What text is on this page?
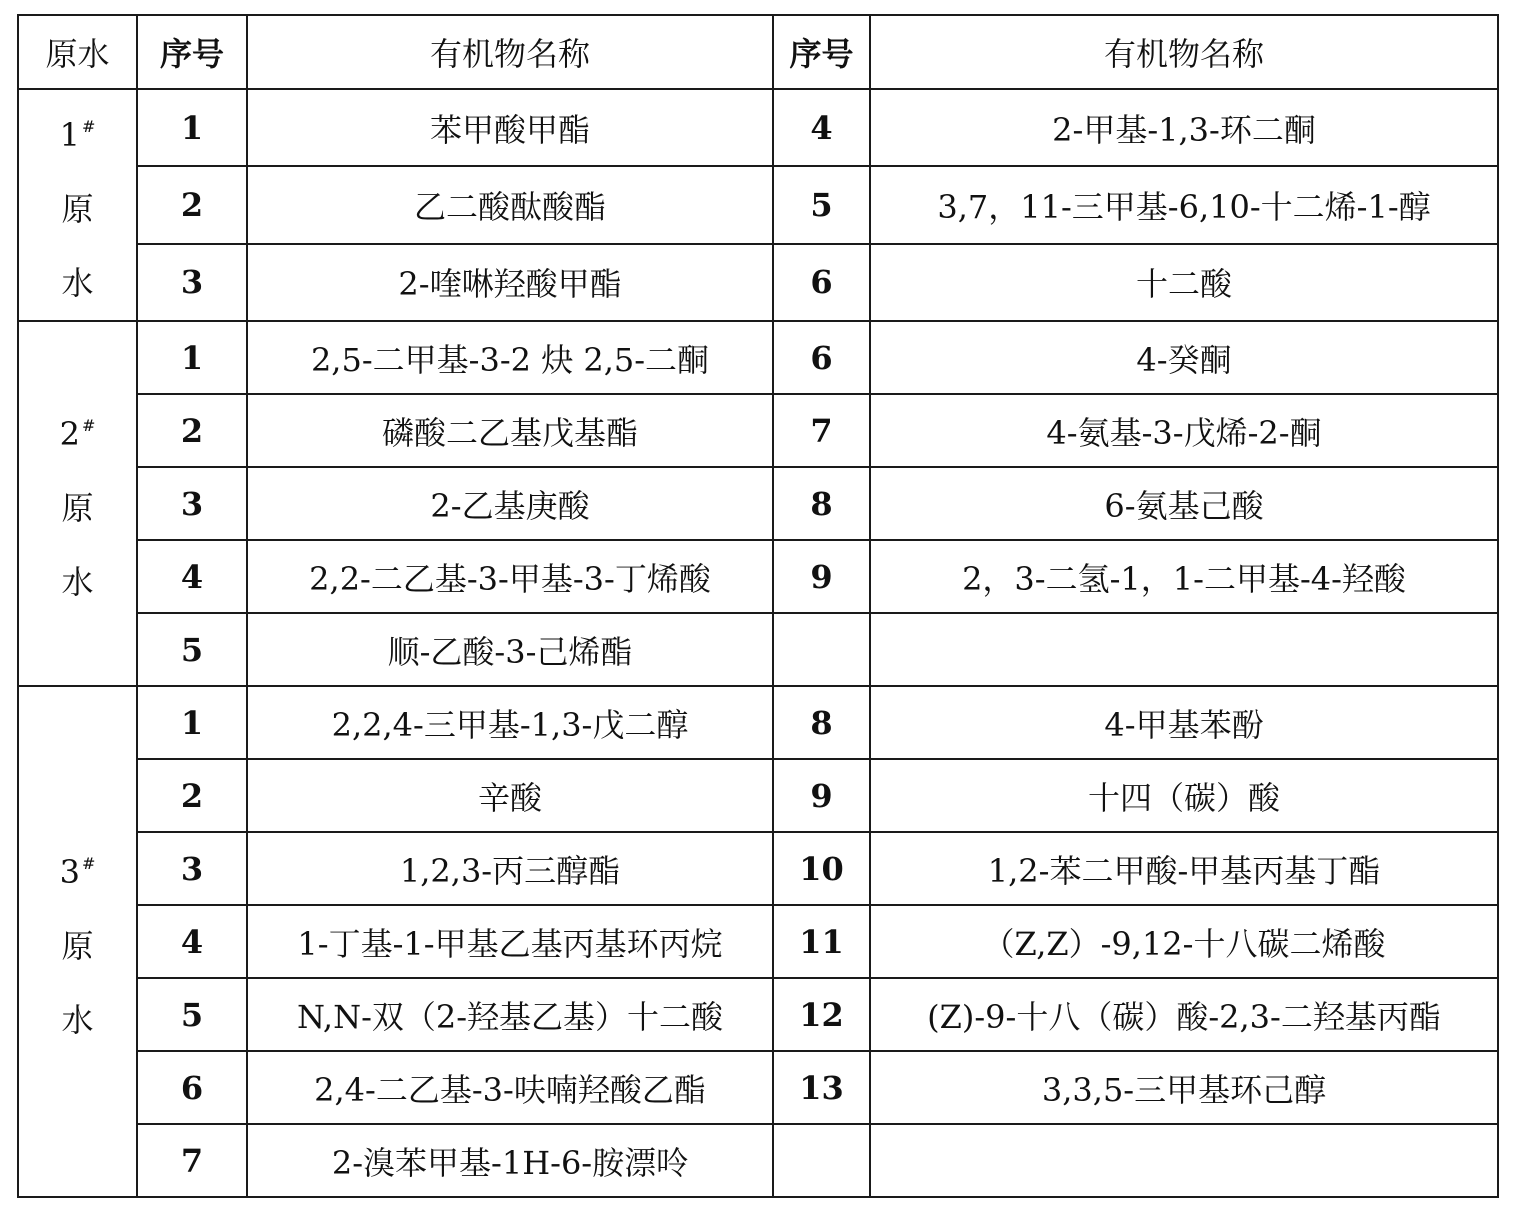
原水	序号	有机物名称	序号	有机物名称

1 #
原
水	1	苯甲酸甲酯	4	2-甲基-1,3-环二酮
	2	乙二酸酞酸酯	5	3,7，11-三甲基-6,10-十二烯-1-醇
	3	2-喹啉羟酸甲酯	6	十二酸

2 #
原
水	1	2,5-二甲基-3-2 炔 2,5-二酮	6	4-癸酮
	2	磷酸二乙基戊基酯	7	4-氨基-3-戊烯-2-酮
	3	2-乙基庚酸	8	6-氨基己酸
	4	2,2-二乙基-3-甲基-3-丁烯酸	9	2，3-二氢-1，1-二甲基-4-羟酸
	5	顺-乙酸-3-己烯酯		

3 #
原
水	1	2,2,4-三甲基-1,3-戊二醇	8	4-甲基苯酚
	2	辛酸	9	十四（碳）酸
	3	1,2,3-丙三醇酯	10	1,2-苯二甲酸-甲基丙基丁酯
	4	1-丁基-1-甲基乙基丙基环丙烷	11	（Z,Z）-9,12-十八碳二烯酸
	5	N,N-双（2-羟基乙基）十二酸	12	(Z)-9-十八（碳）酸-2,3-二羟基丙酯
	6	2,4-二乙基-3-呋喃羟酸乙酯	13	3,3,5-三甲基环己醇
	7	2-溴苯甲基-1H-6-胺漂呤		
